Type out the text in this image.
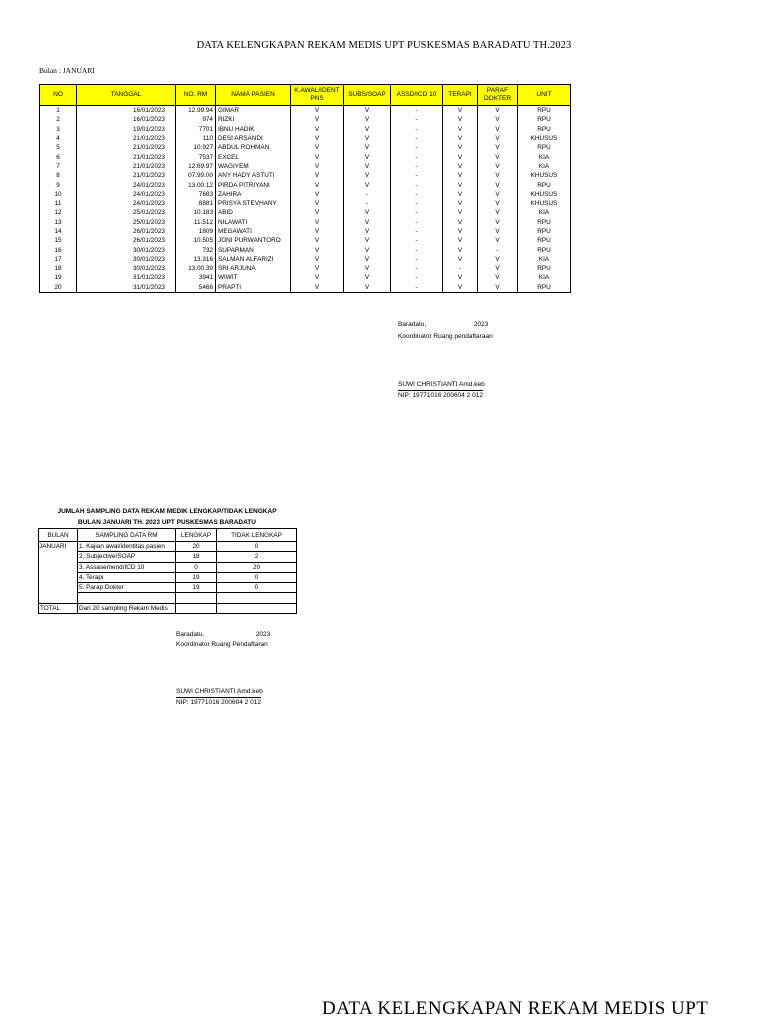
DATA KELENGKAPAN REKAM MEDIS UPT PUSKESMAS BARADATU TH.2023
Bulan : JANUARI
NO	TANGGAL	NO. RM	NAMA PASIEN	K.AWAL/IDENT PNS	SUBS/SOAP	ASSD/ICD 10	TERAPI	PARAF DOKTER	UNIT
1	16/01/2023	12.99.94	GIMAR	V	V	-	V	V	RPU
2	16/01/2023	974	RIZKI	V	V	-	V	V	RPU
3	19/01/2023	7701	IBNU HADIK	V	V	-	V	V	RPU
4	21/01/2023	110	DESI ARSANDI	V	V	-	V	V	KHUSUS
5	21/01/2023	10.927	ABDUL ROHMAN	V	V	-	V	V	RPU
6	21/01/2023	7537	EXCEL	V	V	-	V	V	KIA
7	21/01/2023	12.69.97	WAGIYEM	V	V	-	V	V	KIA
8	21/01/2023	07.99.00	ANY HADY ASTUTI	V	V	-	V	V	KHUSUS
9	24/01/2023	13.00.12	PIRDA PITRIYANI	V	V	-	V	V	RPU
10	24/01/2023	7683	ZAHIRA	V	-	-	V	V	KHUSUS
11	24/01/2023	8881	PRISYA STEVHANY	V	-	-	V	V	KHUSUS
12	25/01/2023	10.183	ABID	V	V	-	V	V	KIA
13	25/01/2023	11.512	NILAWATI	V	V	-	V	V	RPU
14	26/01/2023	1809	MEGAWATI	V	V	-	V	V	RPU
15	26/01/2023	10.505	JONI PURWANTORO	V	V	-	V	V	RPU
16	30/01/2023	732	SUPARMAN	V	V	-	V	-	RPU
17	30/01/2023	13.316	SALMAN ALFARIZI	V	V	-	V	V	KIA
18	30/01/2023	13.00.39	SRI ARJUNA	V	V	-	-	V	RPU
19	31/01/2023	3941	WIWIT	V	V	-	V	V	KIA
20	31/01/2023	5466	PRAPTI	V	V	-	V	V	RPU
Baradatu,	2023
Koordinator Ruang pendaftaraan
SUWI CHRISTIANTI Amd.keb
NIP: 19771016 200604 2 012
JUMLAH SAMPLING DATA REKAM MEDIK LENGKAP/TIDAK LENGKAP
BULAN JANUARI TH. 2023 UPT PUSKESMAS BARADATU
BULAN	SAMPLING DATA RM	LENGKAP	TIDAK LENGKAP
JANUARI	1. Kajian awal/identitas pasien	20	0
	2. Subjective/SOAP	18	2
	3. Assasemend/ICD 10	0	20
	4. Terapi	19	0
	5. Parap Dokter	19	0

TOTAL	Dari 20 sampling Rekam Medis		
Baradatu,	2023
Koordinator Ruang Pendaftaran
SUWI CHRISTIANTI Amd.keb
NIP: 19771016 200604 2 012
DATA KELENGKAPAN REKAM MEDIS UPT
